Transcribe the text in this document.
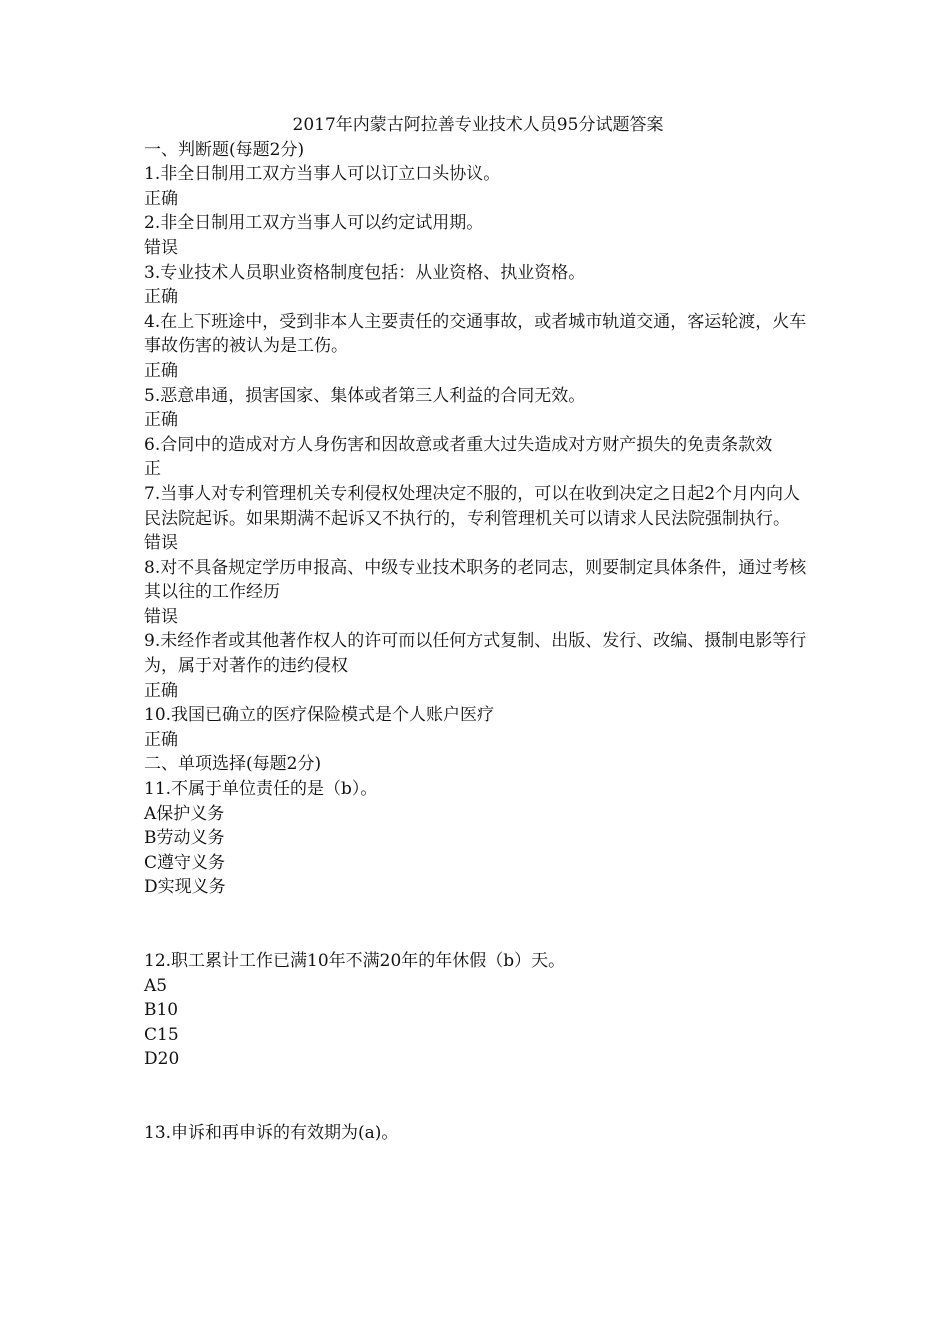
2017年内蒙古阿拉善专业技术人员95分试题答案

一、判断题(每题2分)

1.非全日制用工双方当事人可以订立口头协议。

正确

2.非全日制用工双方当事人可以约定试用期。

错误

3.专业技术人员职业资格制度包括：从业资格、执业资格。

正确

4.在上下班途中，受到非本人主要责任的交通事故，或者城市轨道交通，客运轮渡，火车事故伤害的被认为是工伤。

正确

5.恶意串通，损害国家、集体或者第三人利益的合同无效。

正确

6.合同中的造成对方人身伤害和因故意或者重大过失造成对方财产损失的免责条款效

正

7.当事人对专利管理机关专利侵权处理决定不服的，可以在收到决定之日起2个月内向人民法院起诉。如果期满不起诉又不执行的，专利管理机关可以请求人民法院强制执行。

错误

8.对不具备规定学历申报高、中级专业技术职务的老同志，则要制定具体条件，通过考核其以往的工作经历

错误

9.未经作者或其他著作权人的许可而以任何方式复制、出版、发行、改编、摄制电影等行为，属于对著作的违约侵权

正确

10.我国已确立的医疗保险模式是个人账户医疗

正确

二、单项选择(每题2分)

11.不属于单位责任的是（b）。

A保护义务

B劳动义务

C遵守义务

D实现义务

12.职工累计工作已满10年不满20年的年休假（b）天。

A5

B10

C15

D20

13.申诉和再申诉的有效期为(a)。
